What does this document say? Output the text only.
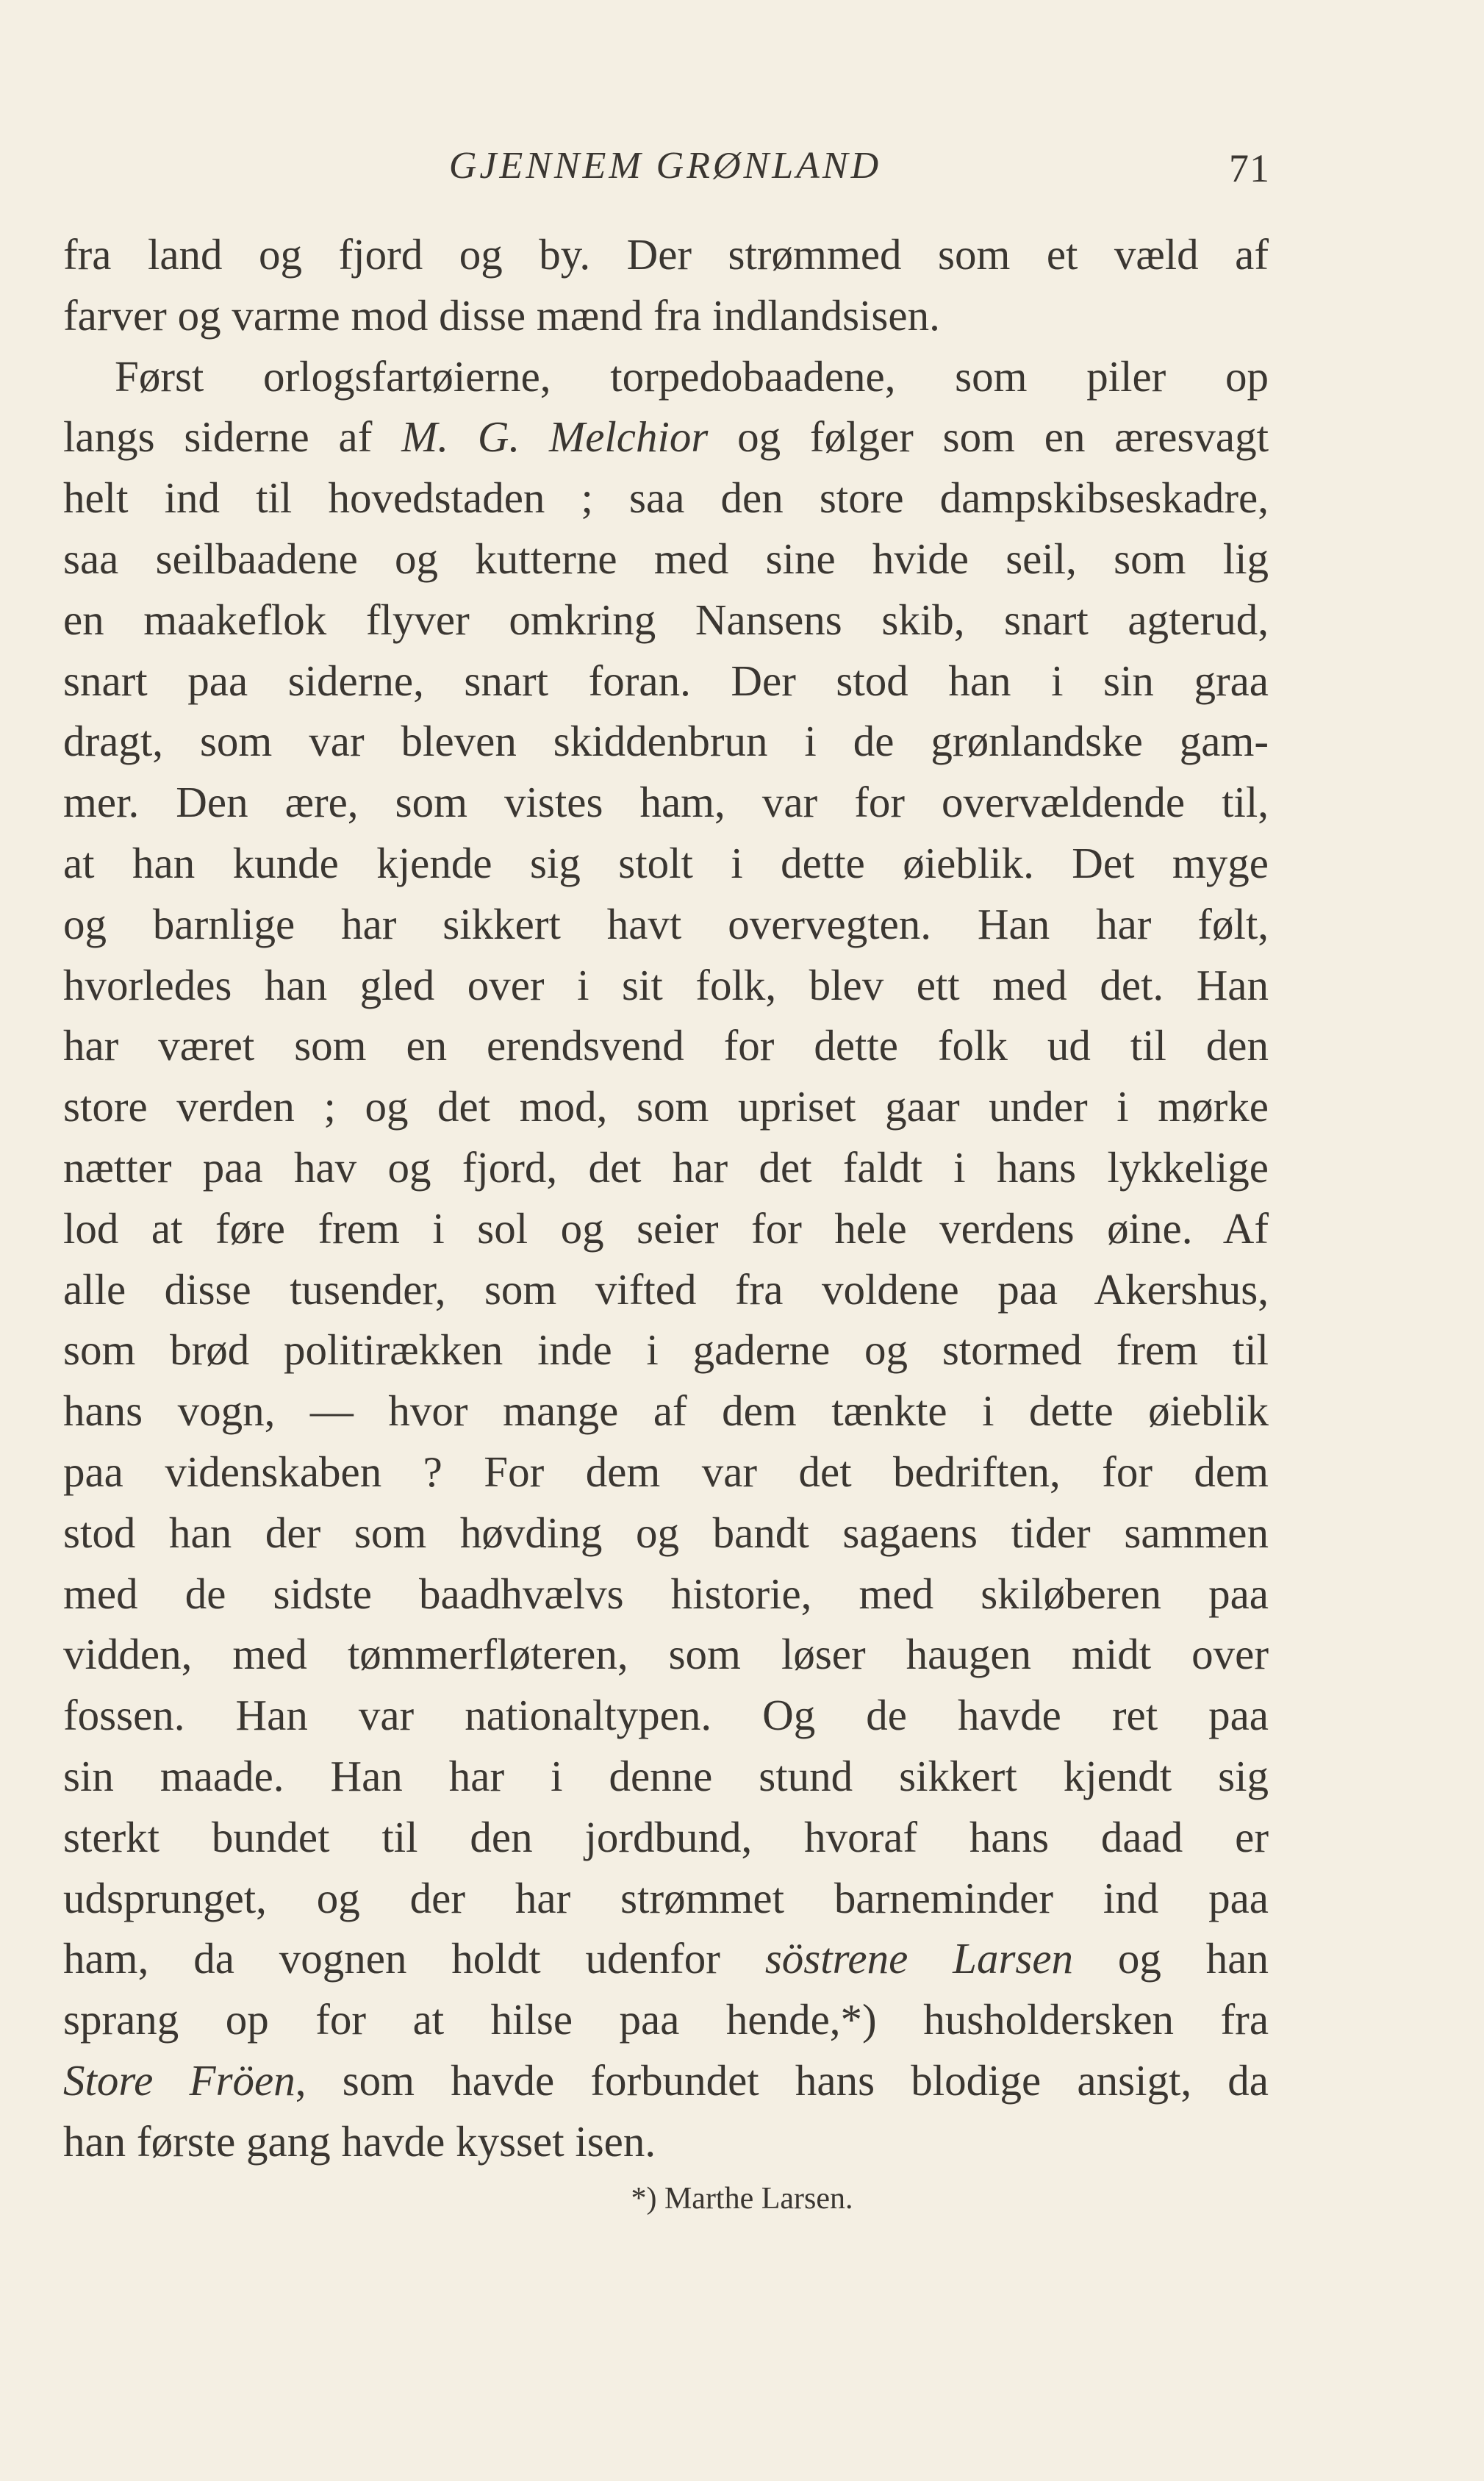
GJENNEM GRØNLAND	71
fra land og fjord og by. Der strømmed som et væld af
farver og varme mod disse mænd fra indlandsisen.
Først orlogsfartøierne, torpedobaadene, som piler op
langs siderne af M. G. Melchior og følger som en æresvagt
helt ind til hovedstaden ; saa den store dampskibseskadre,
saa seilbaadene og kutterne med sine hvide seil, som lig
en maakeflok flyver omkring Nansens skib, snart agterud,
snart paa siderne, snart foran. Der stod han i sin graa
dragt, som var bleven skiddenbrun i de grønlandske gam-
mer. Den ære, som vistes ham, var for overvældende til,
at han kunde kjende sig stolt i dette øieblik. Det myge
og barnlige har sikkert havt overvegten. Han har følt,
hvorledes han gled over i sit folk, blev ett med det. Han
har været som en erendsvend for dette folk ud til den
store verden ; og det mod, som upriset gaar under i mørke
nætter paa hav og fjord, det har det faldt i hans lykkelige
lod at føre frem i sol og seier for hele verdens øine. Af
alle disse tusender, som vifted fra voldene paa Akershus,
som brød politirækken inde i gaderne og stormed frem til
hans vogn, — hvor mange af dem tænkte i dette øieblik
paa videnskaben ? For dem var det bedriften, for dem
stod han der som høvding og bandt sagaens tider sammen
med de sidste baadhvælvs historie, med skiløberen paa
vidden, med tømmerfløteren, som løser haugen midt over
fossen. Han var nationaltypen. Og de havde ret paa
sin maade. Han har i denne stund sikkert kjendt sig
sterkt bundet til den jordbund, hvoraf hans daad er
udsprunget, og der har strømmet barneminder ind paa
ham, da vognen holdt udenfor söstrene Larsen og han
sprang op for at hilse paa hende,*) husholdersken fra
Store Fröen, som havde forbundet hans blodige ansigt, da
han første gang havde kysset isen.
*) Marthe Larsen.
